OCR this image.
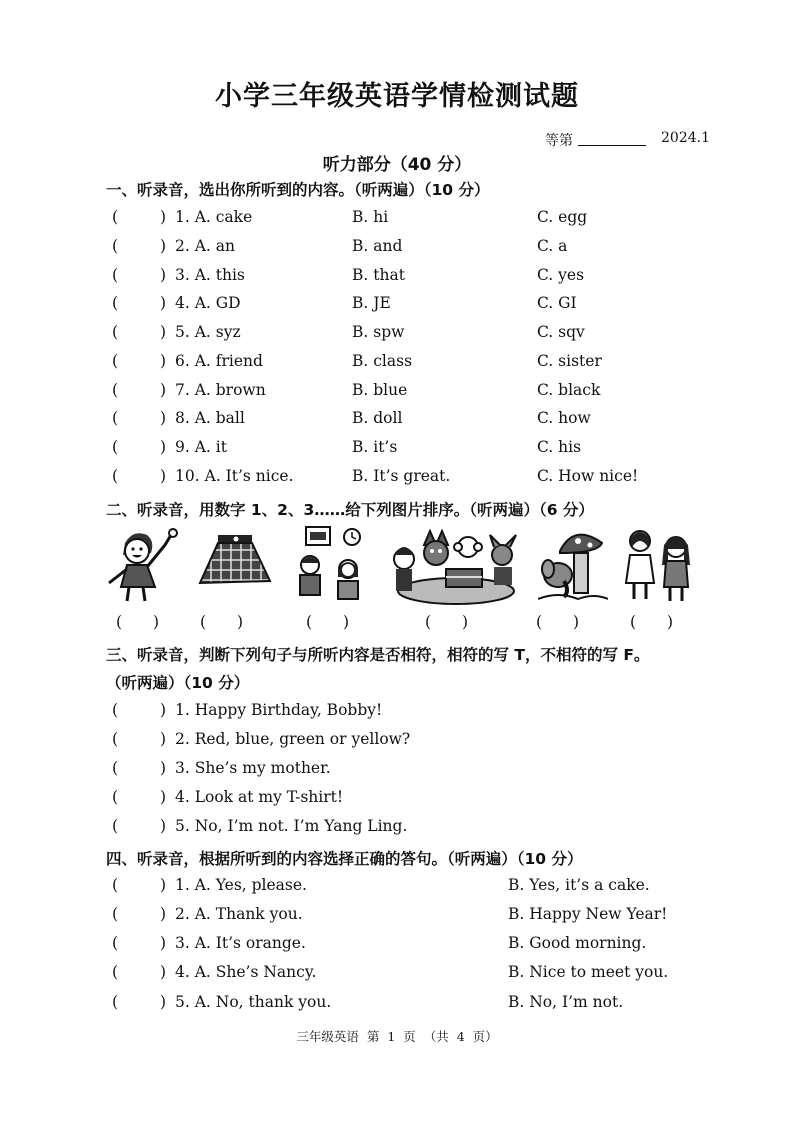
小学三年级英语学情检测试题
等第	2024.1
听力部分（40 分）
一、听录音，选出你所听到的内容。（听两遍）（10 分）
(	) 1. A. cake	B. hi	C. egg
(	) 2. A. an	B. and	C. a
(	) 3. A. this	B. that	C. yes
(	) 4. A. GD	B. JE	C. GI
(	) 5. A. syz	B. spw	C. sqv
(	) 6. A. friend	B. class	C. sister
(	) 7. A. brown	B. blue	C. black
(	) 8. A. ball	B. doll	C. how
(	) 9. A. it	B. it’s	C. his
(	) 10. A. It’s nice.	B. It’s great.	C. How nice!
二、听录音，用数字 1、2、3……给下列图片排序。（听两遍）（6 分）
(　　)	(　　)	(　　)	(　　)	(　　)	(　　)
三、听录音，判断下列句子与所听内容是否相符，相符的写 T，不相符的写 F。
（听两遍）（10 分）
(	) 1. Happy Birthday, Bobby!
(	) 2. Red, blue, green or yellow?
(	) 3. She’s my mother.
(	) 4. Look at my T-shirt!
(	) 5. No, I’m not. I’m Yang Ling.
四、听录音，根据所听到的内容选择正确的答句。（听两遍）（10 分）
(	) 1. A. Yes, please.	B. Yes, it’s a cake.
(	) 2. A. Thank you.	B. Happy New Year!
(	) 3. A. It’s orange.	B. Good morning.
(	) 4. A. She’s Nancy.	B. Nice to meet you.
(	) 5. A. No, thank you.	B. No, I’m not.
三年级英语 第 1 页 （共 4 页）
